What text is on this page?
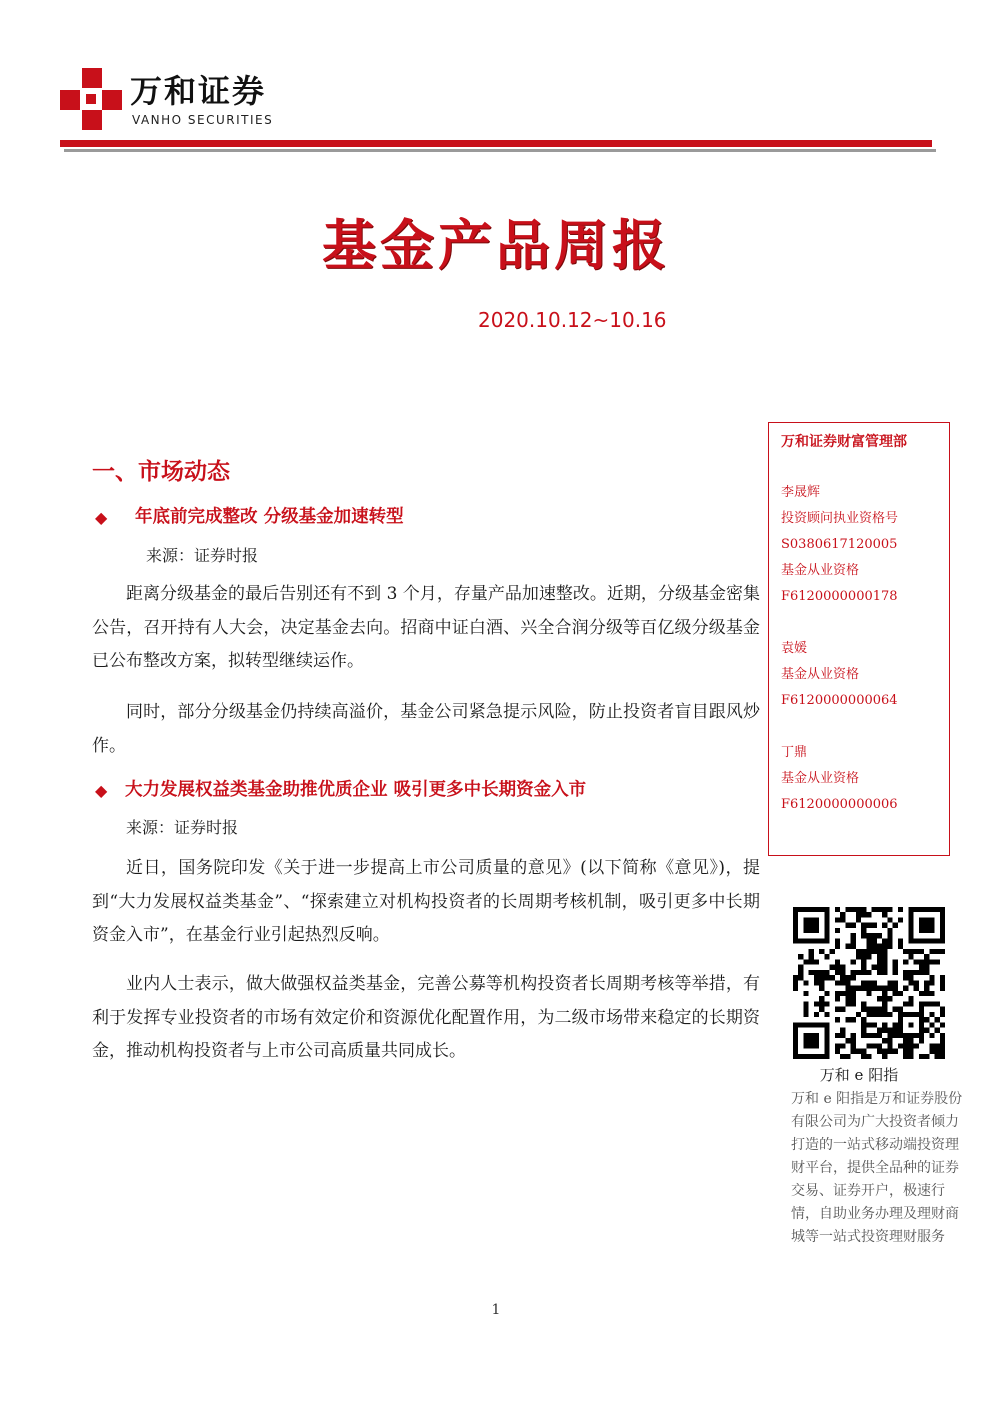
万和证券
VANHO SECURITIES
基金产品周报
2020.10.12~10.16
一、市场动态
◆ 年底前完成整改 分级基金加速转型
来源：证券时报

距离分级基金的最后告别还有不到 3 个月，存量产品加速整改。近期，分级基金密集公告，召开持有人大会，决定基金去向。招商中证白酒、兴全合润分级等百亿级分级基金已公布整改方案，拟转型继续运作。

同时，部分分级基金仍持续高溢价，基金公司紧急提示风险，防止投资者盲目跟风炒作。

◆ 大力发展权益类基金助推优质企业 吸引更多中长期资金入市
来源：证券时报

近日，国务院印发《关于进一步提高上市公司质量的意见》(以下简称《意见》)，提到“大力发展权益类基金”、“探索建立对机构投资者的长周期考核机制，吸引更多中长期资金入市”，在基金行业引起热烈反响。

业内人士表示，做大做强权益类基金，完善公募等机构投资者长周期考核等举措，有利于发挥专业投资者的市场有效定价和资源优化配置作用，为二级市场带来稳定的长期资金，推动机构投资者与上市公司高质量共同成长。

万和证券财富管理部
李晟辉
投资顾问执业资格号
S0380617120005
基金从业资格
F6120000000178
袁媛
基金从业资格
F6120000000064
丁鼎
基金从业资格
F6120000000006
万和 e 阳指

万和 e 阳指是万和证券股份有限公司为广大投资者倾力打造的一站式移动端投资理财平台，提供全品种的证券交易、证券开户，极速行情，自助业务办理及理财商城等一站式投资理财服务

1
